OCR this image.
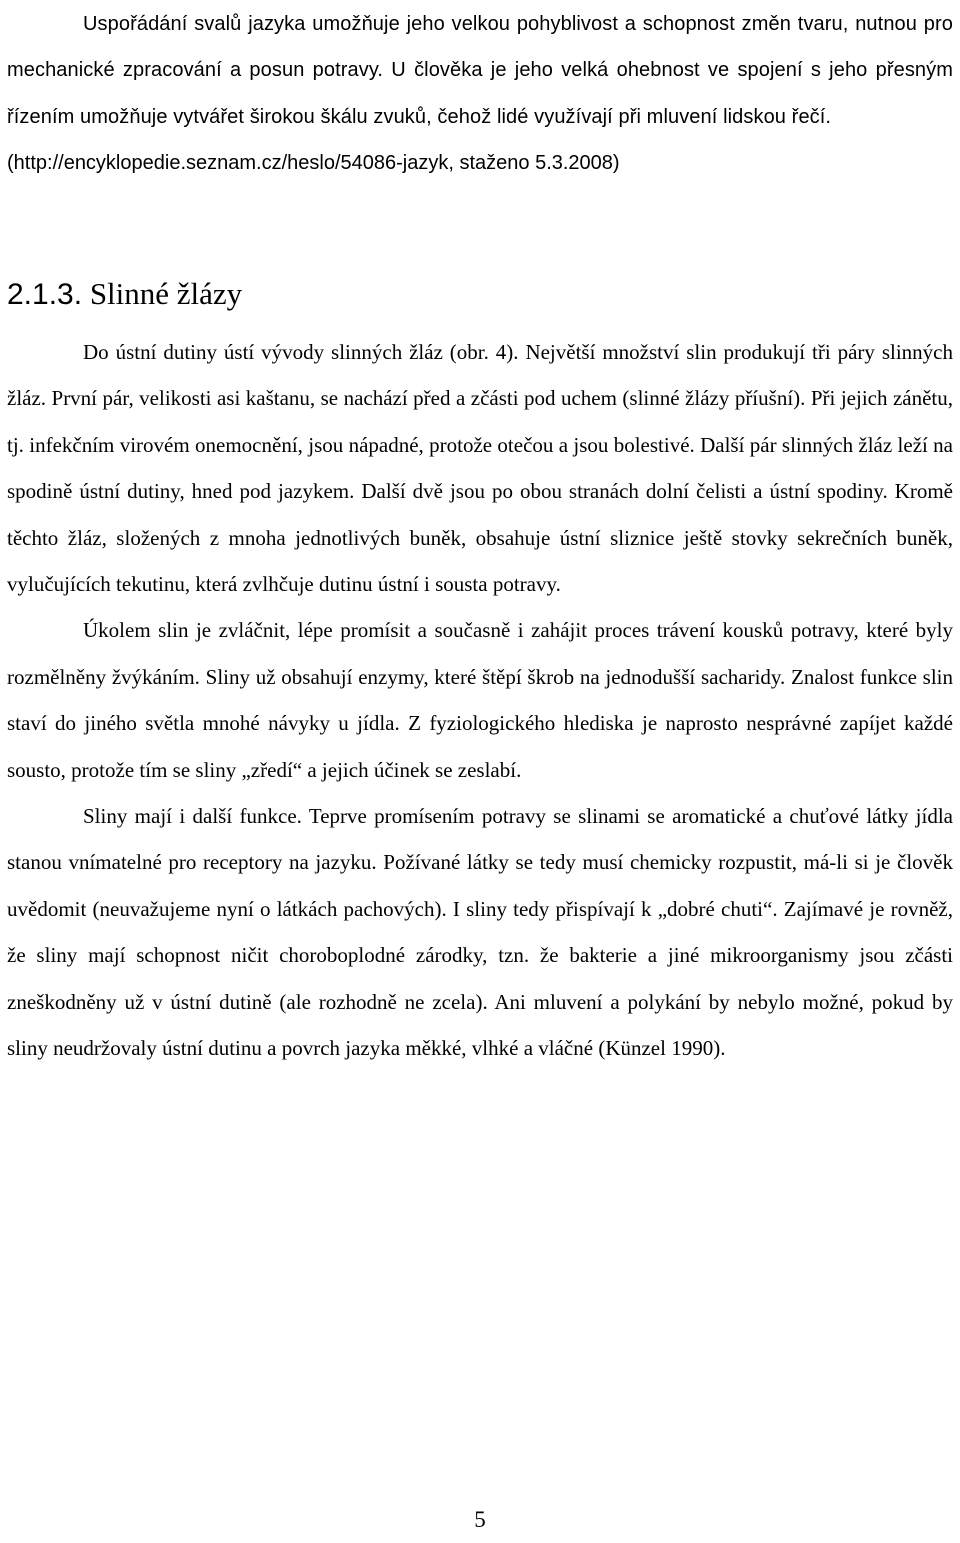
Uspořádání svalů jazyka umožňuje jeho velkou pohyblivost a schopnost změn tvaru, nutnou pro mechanické zpracování a posun potravy. U člověka je jeho velká ohebnost ve spojení s jeho přesným řízením umožňuje vytvářet širokou škálu zvuků, čehož lidé využívají při mluvení lidskou řečí.

(http://encyklopedie.seznam.cz/heslo/54086-jazyk, staženo 5.3.2008)

2.1.3. Slinné žlázy

Do ústní dutiny ústí vývody slinných žláz (obr. 4). Největší množství slin produkují tři páry slinných žláz. První pár, velikosti asi kaštanu, se nachází před a zčásti pod uchem (slinné žlázy příušní). Při jejich zánětu, tj. infekčním virovém onemocnění, jsou nápadné, protože otečou a jsou bolestivé. Další pár slinných žláz leží na spodině ústní dutiny, hned pod jazykem. Další dvě jsou po obou stranách dolní čelisti a ústní spodiny. Kromě těchto žláz, složených z mnoha jednotlivých buněk, obsahuje ústní sliznice ještě stovky sekrečních buněk, vylučujících tekutinu, která zvlhčuje dutinu ústní i sousta potravy.

Úkolem slin je zvláčnit, lépe promísit a současně i zahájit proces trávení kousků potravy, které byly rozmělněny žvýkáním. Sliny už obsahují enzymy, které štěpí škrob na jednodušší sacharidy. Znalost funkce slin staví do jiného světla mnohé návyky u jídla. Z fyziologického hlediska je naprosto nesprávné zapíjet každé sousto, protože tím se sliny „zředí“ a jejich účinek se zeslabí.

Sliny mají i další funkce. Teprve promísením potravy se slinami se aromatické a chuťové látky jídla stanou vnímatelné pro receptory na jazyku. Požívané látky se tedy musí chemicky rozpustit, má-li si je člověk uvědomit (neuvažujeme nyní o látkách pachových). I sliny tedy přispívají k „dobré chuti“. Zajímavé je rovněž, že sliny mají schopnost ničit choroboplodné zárodky, tzn. že bakterie a jiné mikroorganismy jsou zčásti zneškodněny už v ústní dutině (ale rozhodně ne zcela). Ani mluvení a polykání by nebylo možné, pokud by sliny neudržovaly ústní dutinu a povrch jazyka měkké, vlhké a vláčné (Künzel 1990).

5
